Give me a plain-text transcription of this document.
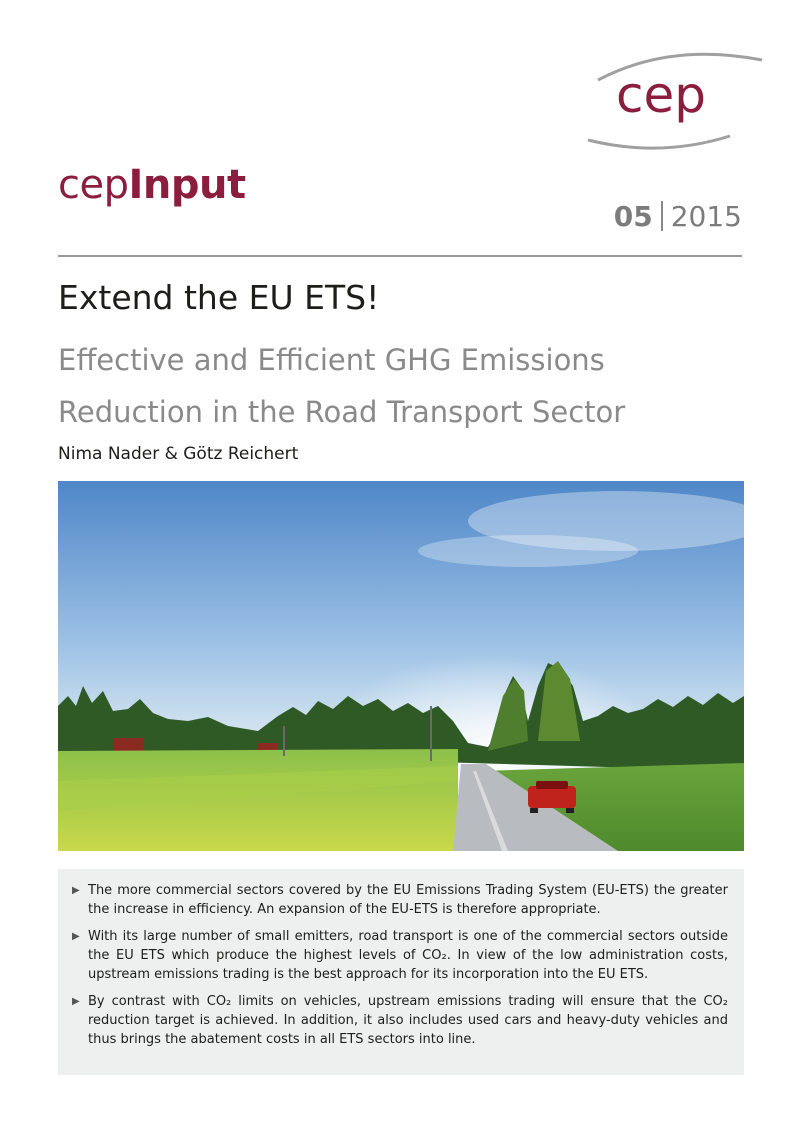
cep
cepInput
05 2015
Extend the EU ETS!
Effective and Efficient GHG Emissions Reduction in the Road Transport Sector
Nima Nader & Götz Reichert
▶ The more commercial sectors covered by the EU Emissions Trading System (EU-ETS) the greater the increase in efficiency. An expansion of the EU-ETS is therefore appropriate.
▶ With its large number of small emitters, road transport is one of the commercial sectors outside the EU ETS which produce the highest levels of CO₂. In view of the low administration costs, upstream emissions trading is the best approach for its incorporation into the EU ETS.
▶ By contrast with CO₂ limits on vehicles, upstream emissions trading will ensure that the CO₂ reduction target is achieved. In addition, it also includes used cars and heavy-duty vehicles and thus brings the abatement costs in all ETS sectors into line.
